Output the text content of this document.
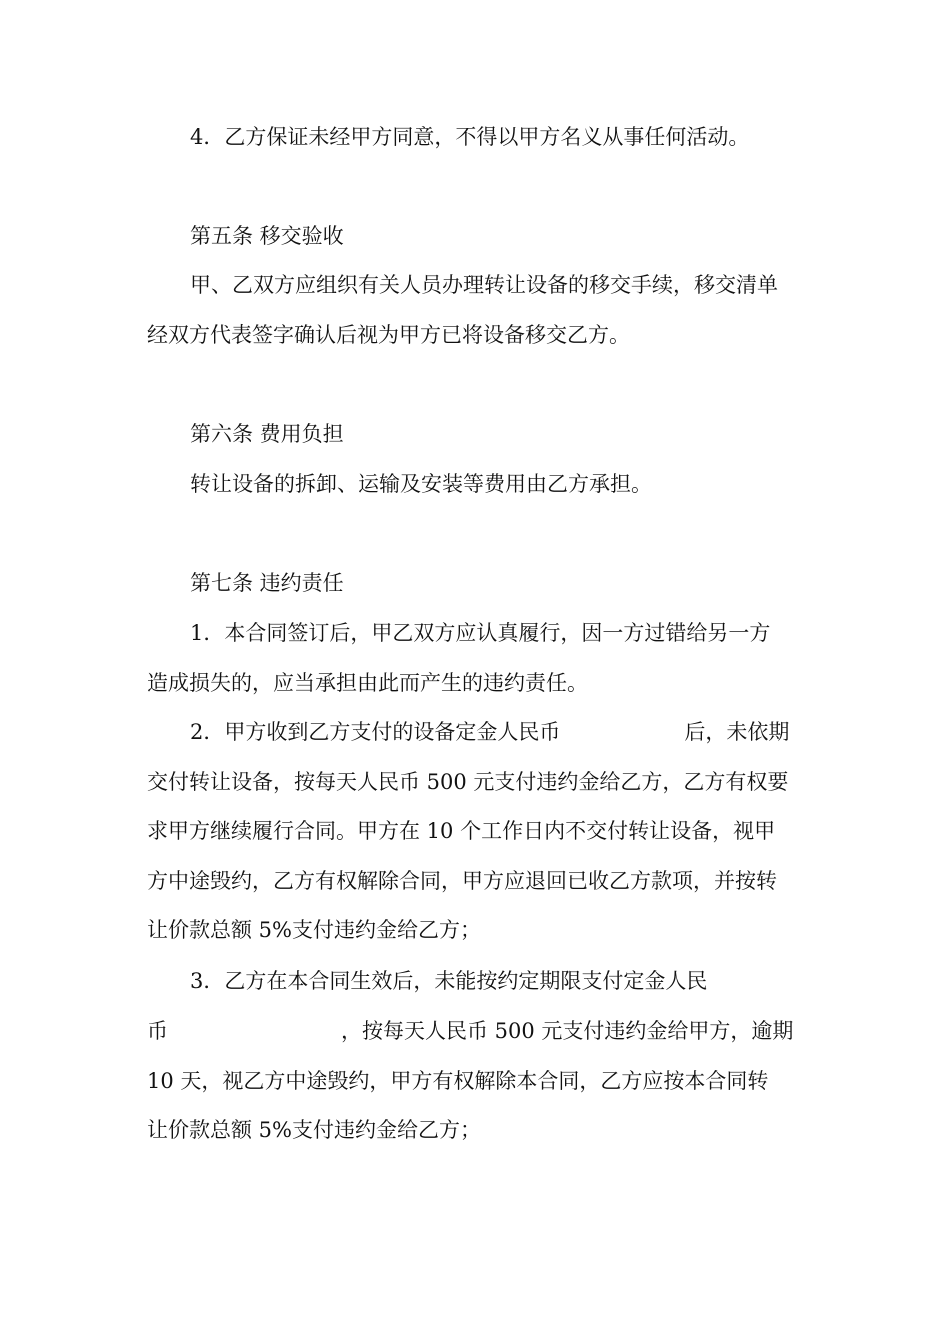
4．乙方保证未经甲方同意，不得以甲方名义从事任何活动。
第五条 移交验收
甲、乙双方应组织有关人员办理转让设备的移交手续，移交清单
经双方代表签字确认后视为甲方已将设备移交乙方。
第六条 费用负担
转让设备的拆卸、运输及安装等费用由乙方承担。
第七条 违约责任
1．本合同签订后，甲乙双方应认真履行，因一方过错给另一方
造成损失的，应当承担由此而产生的违约责任。
2．甲方收到乙方支付的设备定金人民币	后，未依期
交付转让设备，按每天人民币 500 元支付违约金给乙方，乙方有权要
求甲方继续履行合同。甲方在 10 个工作日内不交付转让设备，视甲
方中途毁约，乙方有权解除合同，甲方应退回已收乙方款项，并按转
让价款总额 5%支付违约金给乙方；
3．乙方在本合同生效后，未能按约定期限支付定金人民
币	，按每天人民币 500 元支付违约金给甲方，逾期
10 天，视乙方中途毁约，甲方有权解除本合同，乙方应按本合同转
让价款总额 5%支付违约金给乙方；
